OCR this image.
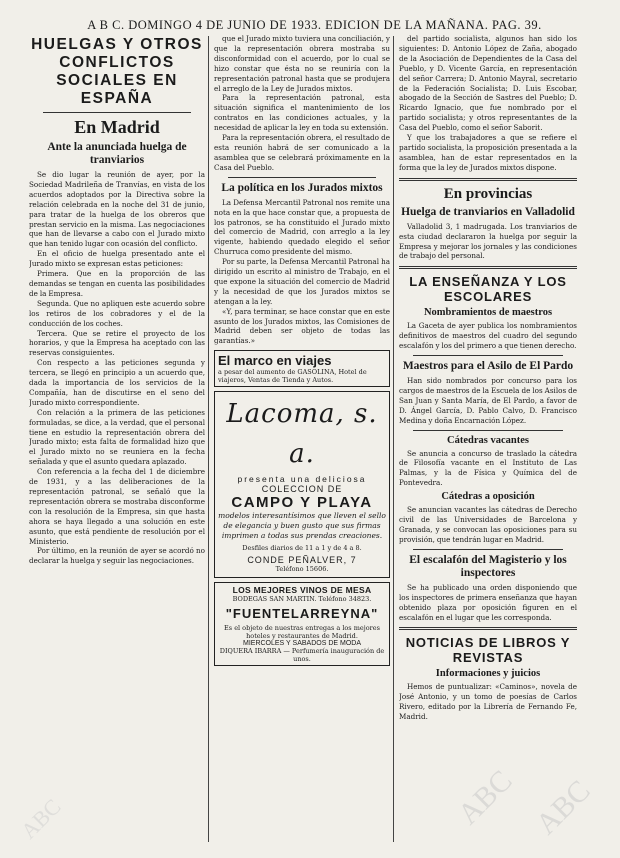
A B C. DOMINGO 4 DE JUNIO DE 1933. EDICION DE LA MAÑANA. PAG. 39.
HUELGAS Y OTROS CONFLICTOS SOCIALES EN ESPAÑA
En Madrid
Ante la anunciada huelga de tranviarios

Se dio lugar la reunión de ayer, por la Sociedad Madrileña de Tranvías, en vista de los acuerdos adoptados por la Directiva sobre la relación celebrada en la noche del 31 de junio, para tratar de la huelga de los obreros que prestan servicio en la misma. Las negociaciones que han de llevarse a cabo con el Jurado mixto que han tenido lugar con ocasión del conflicto.

En el oficio de huelga presentado ante el Jurado mixto se expresan estas peticiones:

Primera. Que en la proporción de las demandas se tengan en cuenta las posibilidades de la Empresa.

Segunda. Que no apliquen este acuerdo sobre los retiros de los cobradores y el de la conducción de los coches.

Tercera. Que se retire el proyecto de los horarios, y que la Empresa ha aceptado con las reservas consiguientes.

Con respecto a las peticiones segunda y tercera, se llegó en principio a un acuerdo que, dada la importancia de los servicios de la Compañía, han de discutirse en el seno del Jurado mixto correspondiente.

Con relación a la primera de las peticiones formuladas, se dice, a la verdad, que el personal tiene en estudio la representación obrera del Jurado mixto; esta falta de formalidad hizo que el Jurado mixto no se reuniera en la fecha señalada y que el asunto quedara aplazado.

Con referencia a la fecha del 1 de diciembre de 1931, y a las deliberaciones de la representación patronal, se señaló que la representación obrera se mostraba disconforme con la resolución de la Empresa, sin que hasta ahora se haya llegado a una solución en este asunto, que está pendiente de resolución por el Ministerio.

Por último, en la reunión de ayer se acordó no declarar la huelga y seguir las negociaciones.

que el Jurado mixto tuviera una conciliación, y que la representación obrera mostraba su disconformidad con el acuerdo, por lo cual se hizo constar que ésta no se reuniría con la representación patronal hasta que se produjera el arreglo de la Ley de Jurados mixtos.

Para la representación patronal, esta situación significa el mantenimiento de los contratos en las condiciones actuales, y la necesidad de aplicar la ley en toda su extensión.

Para la representación obrera, el resultado de esta reunión habrá de ser comunicado a la asamblea que se celebrará próximamente en la Casa del Pueblo.

La política en los Jurados mixtos

La Defensa Mercantil Patronal nos remite una nota en la que hace constar que, a propuesta de los patronos, se ha constituido el Jurado mixto del comercio de Madrid, con arreglo a la ley vigente, habiendo quedado elegido el señor Churruca como presidente del mismo.

Por su parte, la Defensa Mercantil Patronal ha dirigido un escrito al ministro de Trabajo, en el que expone la situación del comercio de Madrid y la necesidad de que los Jurados mixtos se atengan a la ley.

«Y, para terminar, se hace constar que en este asunto de los Jurados mixtos, las Comisiones de Madrid deben ser objeto de todas las garantías.»

El marco en viajes
a pesar del aumento de GASOLINA, Hotel de viajeros, Ventas de Tienda y Autos.
Lacoma, s. a.
presenta una deliciosa
COLECCION DE
CAMPO Y PLAYA
modelos interesantísimos que lleven el sello de elegancia y buen gusto que sus firmas imprimen a todas sus prendas creaciones.
Desfiles diarios de 11 a 1 y de 4 a 8.
CONDE PEÑALVER, 7
Teléfono 15606.
LOS MEJORES VINOS DE MESA
BODEGAS SAN MARTIN. Teléfono 34823.
"FUENTELARREYNA"
Es el objeto de nuestras entregas a los mejores hoteles y restaurantes de Madrid.
MIERCOLES Y SABADOS DE MODA
DIQUERA IBARRA — Perfumería inauguración de unos.

del partido socialista, algunos han sido los siguientes: D. Antonio López de Zaña, abogado de la Asociación de Dependientes de la Casa del Pueblo, y D. Vicente García, en representación del señor Carrera; D. Antonio Mayral, secretario de la Federación Socialista; D. Luis Escobar, abogado de la Sección de Sastres del Pueblo; D. Ricardo Ignacio, que fue nombrado por el partido socialista; y otros representantes de la Casa del Pueblo, como el señor Saborit.

Y que los trabajadores a que se refiere el partido socialista, la proposición presentada a la asamblea, han de estar representados en la forma que la ley de Jurados mixtos dispone.

En provincias
Huelga de tranviarios en Valladolid

Valladolid 3, 1 madrugada. Los tranviarios de esta ciudad declararon la huelga por seguir la Empresa y mejorar los jornales y las condiciones de trabajo del personal.

LA ENSEÑANZA Y LOS ESCOLARES
Nombramientos de maestros

La Gaceta de ayer publica los nombramientos definitivos de maestros del cuadro del segundo escalafón y los del primero a que tienen derecho.

Maestros para el Asilo de El Pardo

Han sido nombrados por concurso para los cargos de maestros de la Escuela de los Asilos de San Juan y Santa María, de El Pardo, a favor de D. Ángel García, D. Pablo Calvo, D. Francisco Medina y doña Encarnación López.

Cátedras vacantes

Se anuncia a concurso de traslado la cátedra de Filosofía vacante en el Instituto de Las Palmas, y la de Física y Química del de Pontevedra.

Cátedras a oposición

Se anuncian vacantes las cátedras de Derecho civil de las Universidades de Barcelona y Granada, y se convocan las oposiciones para su provisión, que tendrán lugar en Madrid.

El escalafón del Magisterio y los inspectores

Se ha publicado una orden disponiendo que los inspectores de primera enseñanza que hayan obtenido plaza por oposición figuren en el escalafón en el lugar que les corresponda.

NOTICIAS DE LIBROS Y REVISTAS
Informaciones y juicios

Hemos de puntualizar: «Caminos», novela de José Antonio, y un tomo de poesías de Carlos Rivero, editado por la Librería de Fernando Fe, Madrid.

ABC ABC
ABC
